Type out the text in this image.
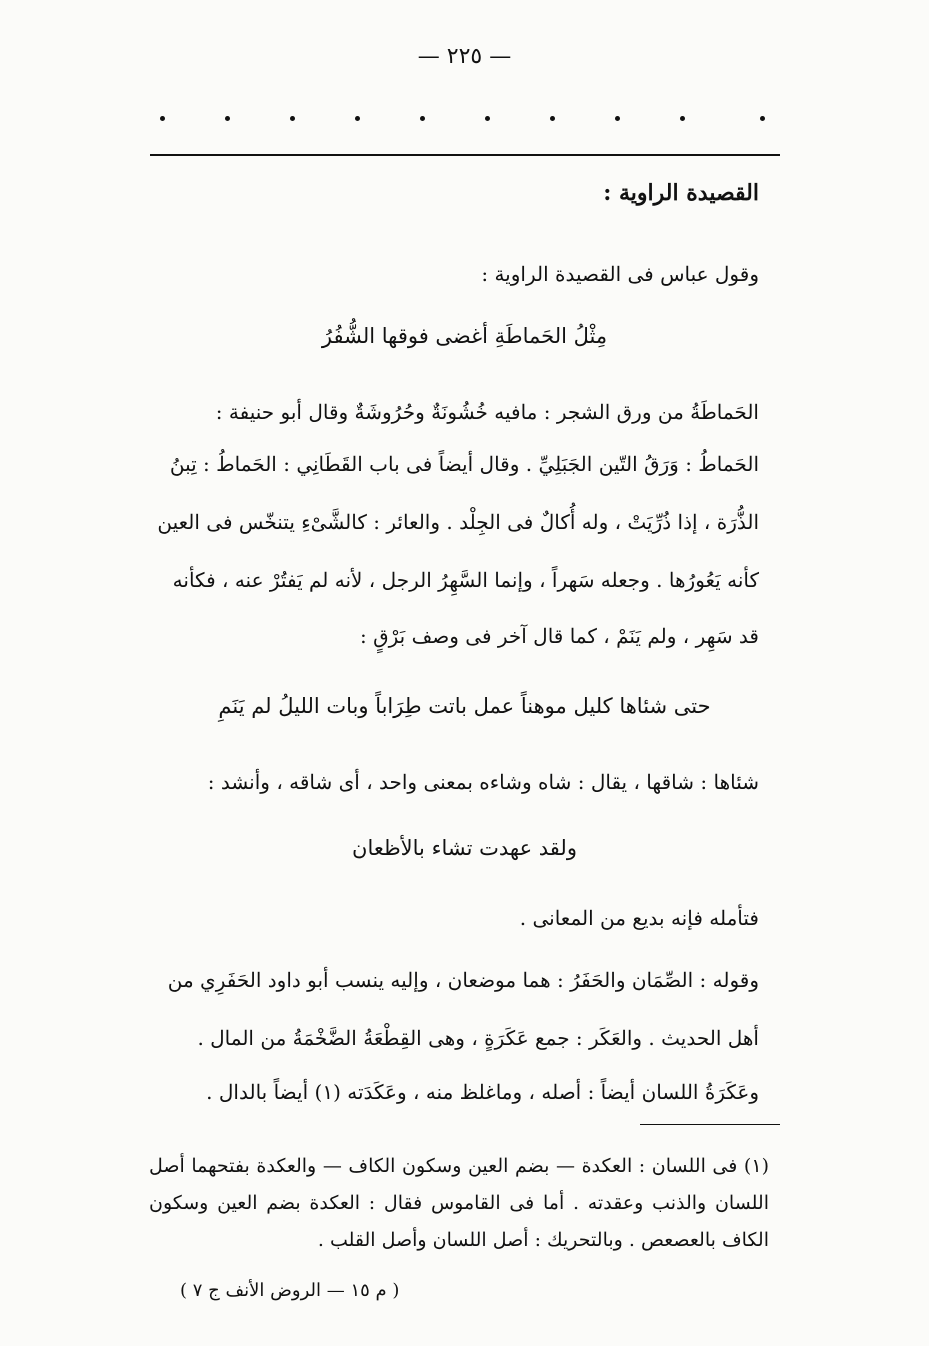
— ٢٢٥ —
القصيدة الراوية :
وقول عباس فى القصيدة الراوية :
مِثْلُ الحَماطَةِ أغضى فوقها الشُّفُرُ
الحَماطَةُ من ورق الشجر : مافيه خُشُونَةٌ وحُرُوشَةٌ وقال أبو حنيفة :
الحَماطُ : وَرَقُ التّين الجَبَلِيِّ . وقال أيضاً فى باب القَطَانِي : الحَماطُ : تِبنُ
الذُّرَة ، إذا ذُرِّيَتْ ، وله أُكالٌ فى الجِلْد . والعائر : كالشَّىْءِ يتنخّس فى العين
كأنه يَعُورُها . وجعله سَهراً ، وإنما السَّهِرُ الرجل ، لأنه لم يَفتُرْ عنه ، فكأنه
قد سَهِر ، ولم يَنَمْ ، كما قال آخر فى وصف بَرْقٍ :
حتى شئاها كليل موهناً عمل باتت طِرَاباً وبات الليلُ لم يَنَمِ
شئاها : شاقها ، يقال : شاه وشاءه بمعنى واحد ، أى شاقه ، وأنشد :
ولقد عهدت تشاء بالأظعان
فتأمله فإنه بديع من المعانى .
وقوله : الصِّمَان والحَفَرُ : هما موضعان ، وإليه ينسب أبو داود الحَفَرِي من
أهل الحديث . والعَكَر : جمع عَكَرَةٍ ، وهى القِطْعَةُ الضَّخْمَةُ من المال .
وعَكَرَةُ اللسان أيضاً : أصله ، وماغلظ منه ، وعَكَدَته (١) أيضاً بالدال .
(١) فى اللسان : العكدة — بضم العين وسكون الكاف — والعكدة بفتحهما أصل اللسان والذنب وعقدته . أما فى القاموس فقال : العكدة بضم العين وسكون الكاف بالعصعص . وبالتحريك : أصل اللسان وأصل القلب .
( م ١٥ — الروض الأنف ج ٧ )
